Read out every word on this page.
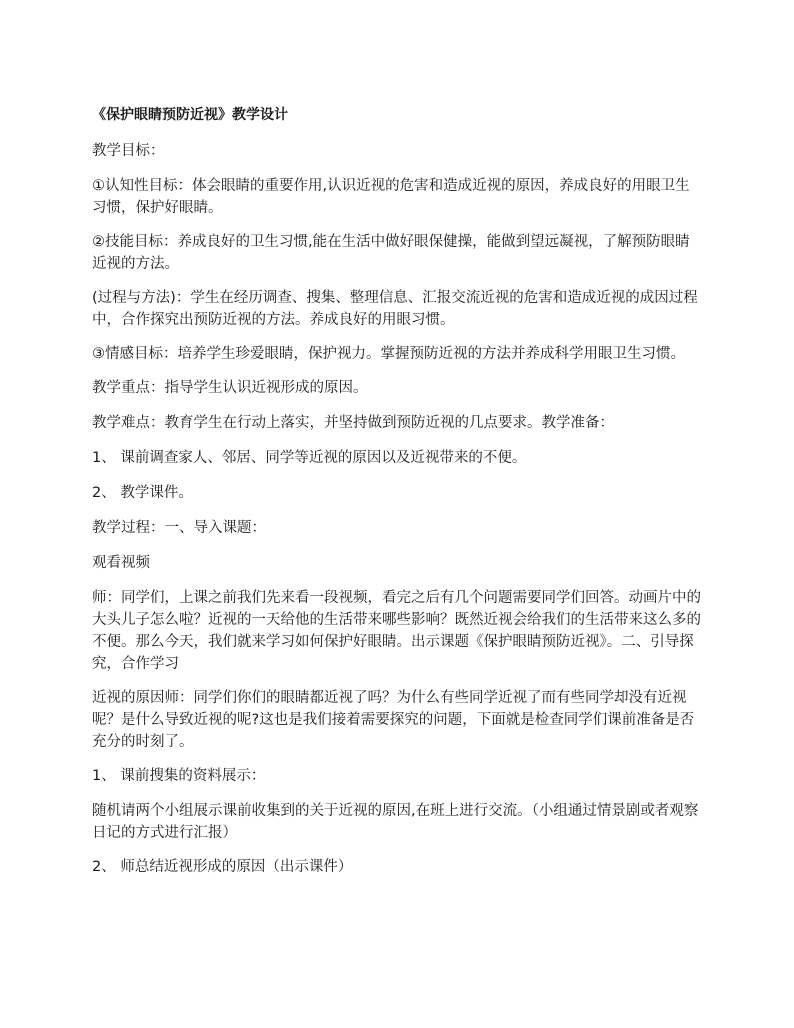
《保护眼睛预防近视》教学设计

教学目标：

①认知性目标：体会眼睛的重要作用,认识近视的危害和造成近视的原因，养成良好的用眼卫生习惯，保护好眼睛。

②技能目标：养成良好的卫生习惯,能在生活中做好眼保健操，能做到望远凝视，了解预防眼睛近视的方法。

(过程与方法)：学生在经历调查、搜集、整理信息、汇报交流近视的危害和造成近视的成因过程中，合作探究出预防近视的方法。养成良好的用眼习惯。

③情感目标：培养学生珍爱眼睛，保护视力。掌握预防近视的方法并养成科学用眼卫生习惯。

教学重点：指导学生认识近视形成的原因。

教学难点：教育学生在行动上落实，并坚持做到预防近视的几点要求。教学准备：

1、 课前调查家人、邻居、同学等近视的原因以及近视带来的不便。

2、 教学课件。

教学过程：一、导入课题：

观看视频

师：同学们，上课之前我们先来看一段视频，看完之后有几个问题需要同学们回答。动画片中的大头儿子怎么啦？近视的一天给他的生活带来哪些影响？既然近视会给我们的生活带来这么多的不便。那么今天，我们就来学习如何保护好眼睛。出示课题《保护眼睛预防近视》。二、引导探究，合作学习

近视的原因师：同学们你们的眼睛都近视了吗？为什么有些同学近视了而有些同学却没有近视呢？是什么导致近视的呢?这也是我们接着需要探究的问题，下面就是检查同学们课前准备是否充分的时刻了。

1、 课前搜集的资料展示：

随机请两个小组展示课前收集到的关于近视的原因,在班上进行交流。（小组通过情景剧或者观察日记的方式进行汇报）

2、 师总结近视形成的原因（出示课件）
